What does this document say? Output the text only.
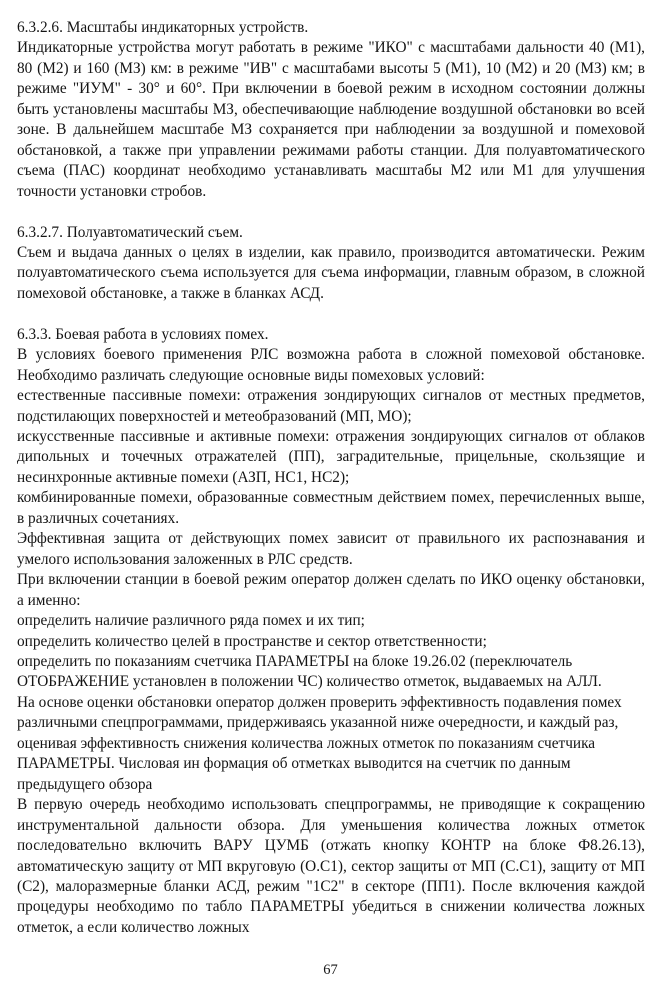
6.3.2.6. Масштабы индикаторных устройств.

Индикаторные устройства могут работать в режиме "ИКО" с масштабами дальности 40 (М1), 80 (М2) и 160 (МЗ) км: в режиме "ИВ" с масштабами высоты 5 (М1), 10 (М2) и 20 (МЗ) км; в режиме "ИУМ" - 30° и 60°. При включении в боевой режим в исходном состоянии должны быть установлены масштабы МЗ, обеспечивающие наблюдение воздушной обстановки во всей зоне. В дальнейшем масштабе МЗ сохраняется при наблюдении за воздушной и помеховой обстановкой, а также при управлении режимами работы станции. Для полуавтоматического съема (ПАС) координат необходимо устанавливать масштабы М2 или М1 для улучшения точности установки стробов.

6.3.2.7. Полуавтоматический съем.

Съем и выдача данных о целях в изделии, как правило, производится автоматически. Режим полуавтоматического съема используется для съема информации, главным образом, в сложной помеховой обстановке, а также в бланках АСД.

6.3.3. Боевая работа в условиях помех.

В условиях боевого применения РЛС возможна работа в сложной помеховой обстановке. Необходимо различать следующие основные виды помеховых условий:

естественные пассивные помехи: отражения зондирующих сигналов от местных предметов, подстилающих поверхностей и метеобразований (МП, МО);

искусственные пассивные и активные помехи: отражения зондирующих сигналов от облаков дипольных и точечных отражателей (ПП), заградительные, прицельные, скользящие и несинхронные активные помехи (АЗП, НС1, НС2);

комбинированные помехи, образованные совместным действием помех, перечисленных выше, в различных сочетаниях.

Эффективная защита от действующих помех зависит от правильного их распознавания и умелого использования заложенных в РЛС средств.

При включении станции в боевой режим оператор должен сделать по ИКО оценку обстановки, а именно:

определить наличие различного ряда помех и их тип;

определить количество целей в пространстве и сектор ответственности;

определить по показаниям счетчика ПАРАМЕТРЫ на блоке 19.26.02 (переключатель ОТОБРАЖЕНИЕ установлен в положении ЧС) количество отметок, выдаваемых на АЛЛ.

На основе оценки обстановки оператор должен проверить эффективность подавления помех различными спецпрограммами, придерживаясь указанной ниже очередности, и каждый раз, оценивая эффективность снижения количества ложных отметок по показаниям счетчика ПАРАМЕТРЫ. Числовая ин формация об отметках выводится на счетчик по данным предыдущего обзора

В первую очередь необходимо использовать спецпрограммы, не приводящие к сокращению инструментальной дальности обзора. Для уменьшения количества ложных отметок последовательно включить ВАРУ ЦУМБ (отжать кнопку КОНТР на блоке Ф8.26.13), автоматическую защиту от МП вкруговую (О.С1), сектор защиты от МП (С.С1), защиту от МП (С2), малоразмерные бланки АСД, режим "1С2" в секторе (ПП1). После включения каждой процедуры необходимо по табло ПАРАМЕТРЫ убедиться в снижении количества ложных отметок, а если количество ложных

67
